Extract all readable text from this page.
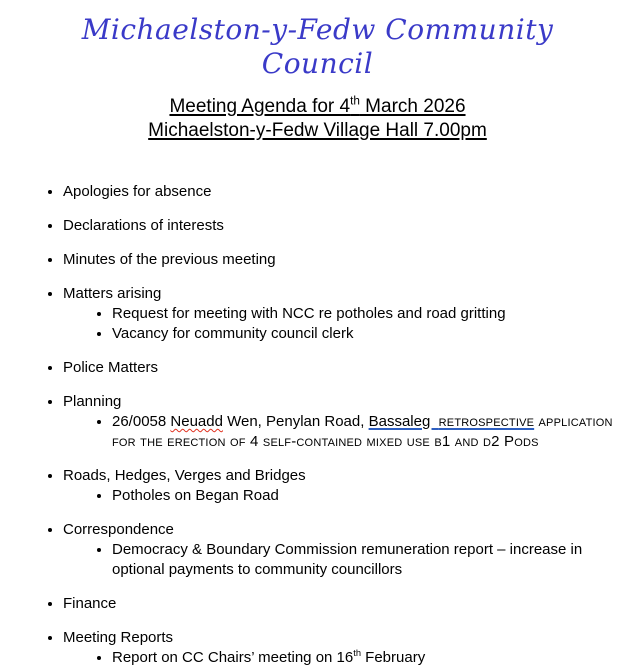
Michaelston-y-Fedw Community Council
Meeting Agenda for 4th March 2026
Michaelston-y-Fedw Village Hall 7.00pm
• Apologies for absence
• Declarations of interests
• Minutes of the previous meeting
• Matters arising
• Request for meeting with NCC re potholes and road gritting
• Vacancy for community council clerk
• Police Matters
• Planning
• 26/0058 Neuadd Wen, Penylan Road, Bassaleg  retrospective application for the erection of 4 self-contained mixed use b1 and d2 Pods
• Roads, Hedges, Verges and Bridges
• Potholes on Began Road
• Correspondence
• Democracy & Boundary Commission remuneration report – increase in optional payments to community councillors
• Finance
• Meeting Reports
• Report on CC Chairs’ meeting on 16th February
